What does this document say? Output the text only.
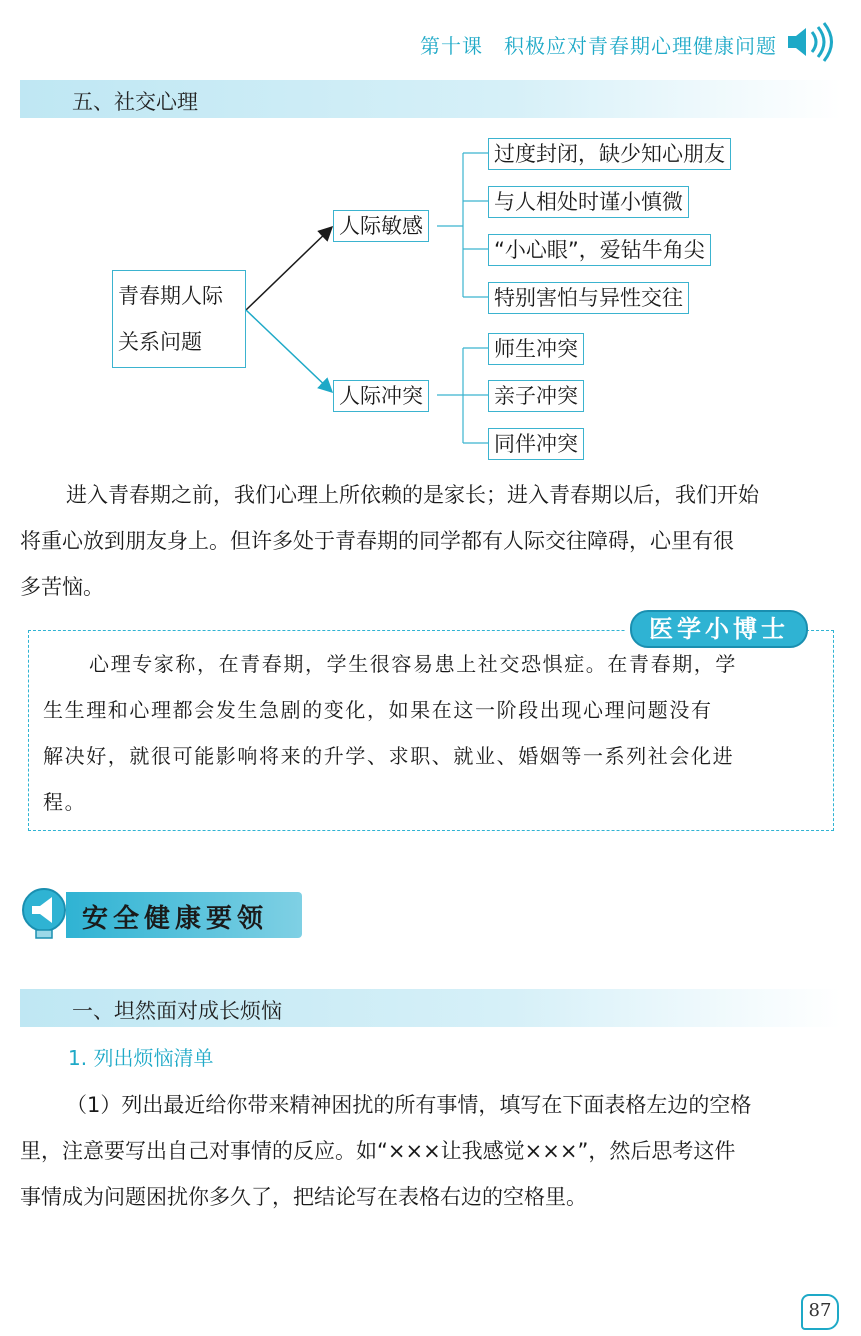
第十课　积极应对青春期心理健康问题
五、社交心理
青春期人际
关系问题
人际敏感
人际冲突
过度封闭，缺少知心朋友
与人相处时谨小慎微
“小心眼”，爱钻牛角尖
特别害怕与异性交往
师生冲突
亲子冲突
同伴冲突
进入青春期之前，我们心理上所依赖的是家长；进入青春期以后，我们开始
将重心放到朋友身上。但许多处于青春期的同学都有人际交往障碍，心里有很
多苦恼。
心理专家称，在青春期，学生很容易患上社交恐惧症。在青春期，学
生生理和心理都会发生急剧的变化，如果在这一阶段出现心理问题没有
解决好，就很可能影响将来的升学、求职、就业、婚姻等一系列社会化进
程。
医学小博士
安全健康要领
一、坦然面对成长烦恼
1. 列出烦恼清单
（1）列出最近给你带来精神困扰的所有事情，填写在下面表格左边的空格
里，注意要写出自己对事情的反应。如“×××让我感觉×××”，然后思考这件
事情成为问题困扰你多久了，把结论写在表格右边的空格里。
87
